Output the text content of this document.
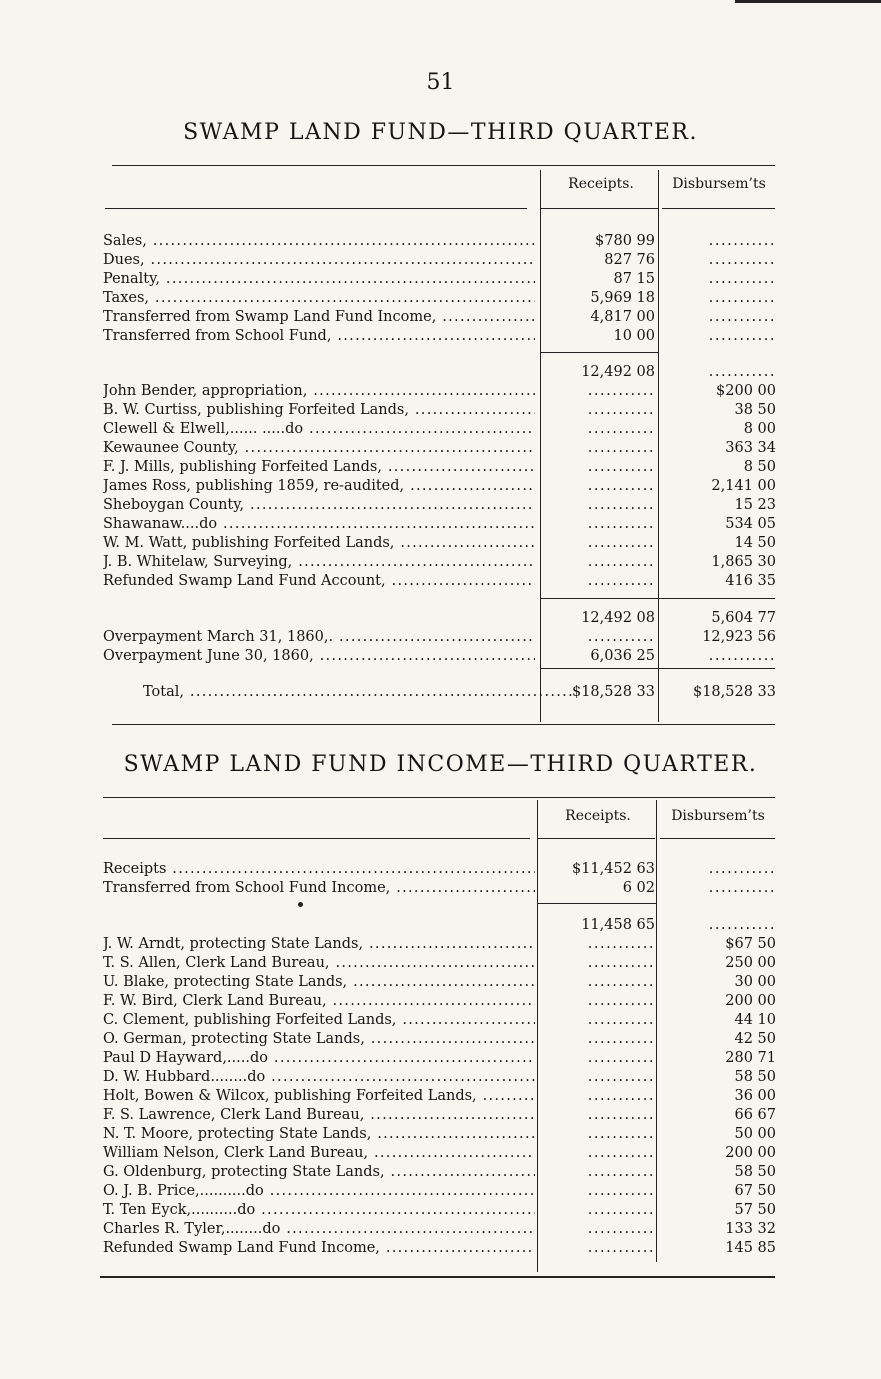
51
SWAMP LAND FUND—THIRD QUARTER.
Receipts.	Disbursem’ts
Sales, .....	$780 99	...........
Dues, .....	827 76	...........
Penalty, .....	87 15	...........
Taxes, .....	5,969 18	...........
Transferred from Swamp Land Fund Income, .....	4,817 00	...........
Transferred from School Fund, .....	10 00	...........
12,492 08	...........
John Bender, appropriation, .....	...........	$200 00
B. W. Curtiss, publishing Forfeited Lands, .....	...........	38 50
Clewell & Elwell,...... .....do .....	...........	8 00
Kewaunee County, .....	...........	363 34
F. J. Mills, publishing Forfeited Lands, .....	...........	8 50
James Ross, publishing 1859, re-audited, .....	...........	2,141 00
Sheboygan County, .....	...........	15 23
Shawanaw....do .....	...........	534 05
W. M. Watt, publishing Forfeited Lands, .....	...........	14 50
J. B. Whitelaw, Surveying, .....	...........	1,865 30
Refunded Swamp Land Fund Account, .....	...........	416 35
12,492 08	5,604 77
Overpayment March 31, 1860,. .....	...........	12,923 56
Overpayment June 30, 1860, .....	6,036 25	...........
Total, .....	$18,528 33	$18,528 33
SWAMP LAND FUND INCOME—THIRD QUARTER.
Receipts.	Disbursem’ts
Receipts .....	$11,452 63	...........
Transferred from School Fund Income, .....	6 02	...........
11,458 65	...........
J. W. Arndt, protecting State Lands, .....	...........	$67 50
T. S. Allen, Clerk Land Bureau, .....	...........	250 00
U. Blake, protecting State Lands, .....	...........	30 00
F. W. Bird, Clerk Land Bureau, .....	...........	200 00
C. Clement, publishing Forfeited Lands, .....	...........	44 10
O. German, protecting State Lands, .....	...........	42 50
Paul D Hayward,.....do .....	...........	280 71
D. W. Hubbard........do .....	...........	58 50
Holt, Bowen & Wilcox, publishing Forfeited Lands, .....	...........	36 00
F. S. Lawrence, Clerk Land Bureau, .....	...........	66 67
N. T. Moore, protecting State Lands, .....	...........	50 00
William Nelson, Clerk Land Bureau, .....	...........	200 00
G. Oldenburg, protecting State Lands, .....	...........	58 50
O. J. B. Price,..........do .....	...........	67 50
T. Ten Eyck,..........do .....	...........	57 50
Charles R. Tyler,........do .....	...........	133 32
Refunded Swamp Land Fund Income, .....	...........	145 85
